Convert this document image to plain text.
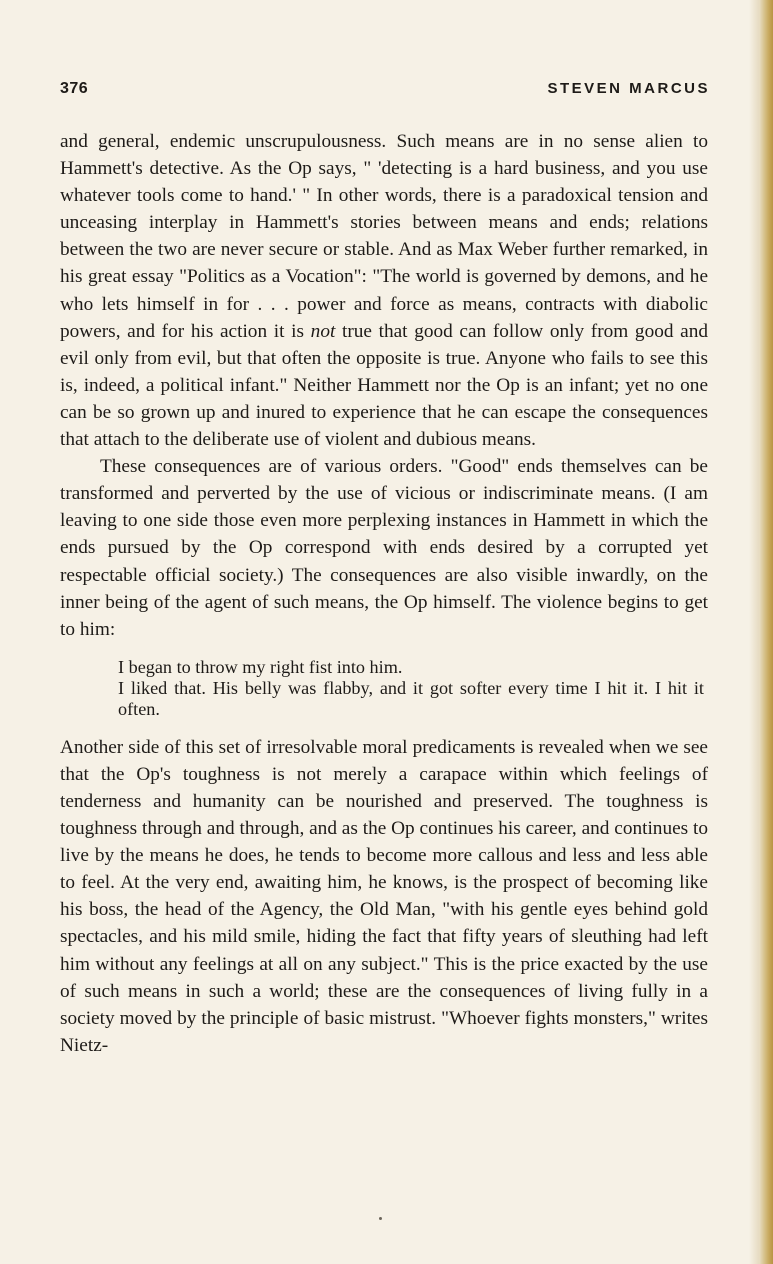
376	STEVEN MARCUS

and general, endemic unscrupulousness. Such means are in no sense alien to Hammett's detective. As the Op says, " 'detecting is a hard business, and you use whatever tools come to hand.' " In other words, there is a paradoxical tension and unceasing interplay in Hammett's stories between means and ends; relations between the two are never secure or stable. And as Max Weber further remarked, in his great essay "Politics as a Vocation": "The world is governed by demons, and he who lets himself in for . . . power and force as means, contracts with diabolic powers, and for his action it is not true that good can follow only from good and evil only from evil, but that often the opposite is true. Anyone who fails to see this is, indeed, a political infant." Neither Hammett nor the Op is an infant; yet no one can be so grown up and inured to experience that he can escape the consequences that attach to the deliberate use of violent and dubious means.

These consequences are of various orders. "Good" ends themselves can be transformed and perverted by the use of vicious or indiscriminate means. (I am leaving to one side those even more perplexing instances in Hammett in which the ends pursued by the Op correspond with ends desired by a corrupted yet respectable official society.) The consequences are also visible inwardly, on the inner being of the agent of such means, the Op himself. The violence begins to get to him:

I began to throw my right fist into him.

I liked that. His belly was flabby, and it got softer every time I hit it. I hit it often.

Another side of this set of irresolvable moral predicaments is revealed when we see that the Op's toughness is not merely a carapace within which feelings of tenderness and humanity can be nourished and preserved. The toughness is toughness through and through, and as the Op continues his career, and continues to live by the means he does, he tends to become more callous and less and less able to feel. At the very end, awaiting him, he knows, is the prospect of becoming like his boss, the head of the Agency, the Old Man, "with his gentle eyes behind gold spectacles, and his mild smile, hiding the fact that fifty years of sleuthing had left him without any feelings at all on any subject." This is the price exacted by the use of such means in such a world; these are the consequences of living fully in a society moved by the principle of basic mistrust. "Whoever fights monsters," writes Nietz-
